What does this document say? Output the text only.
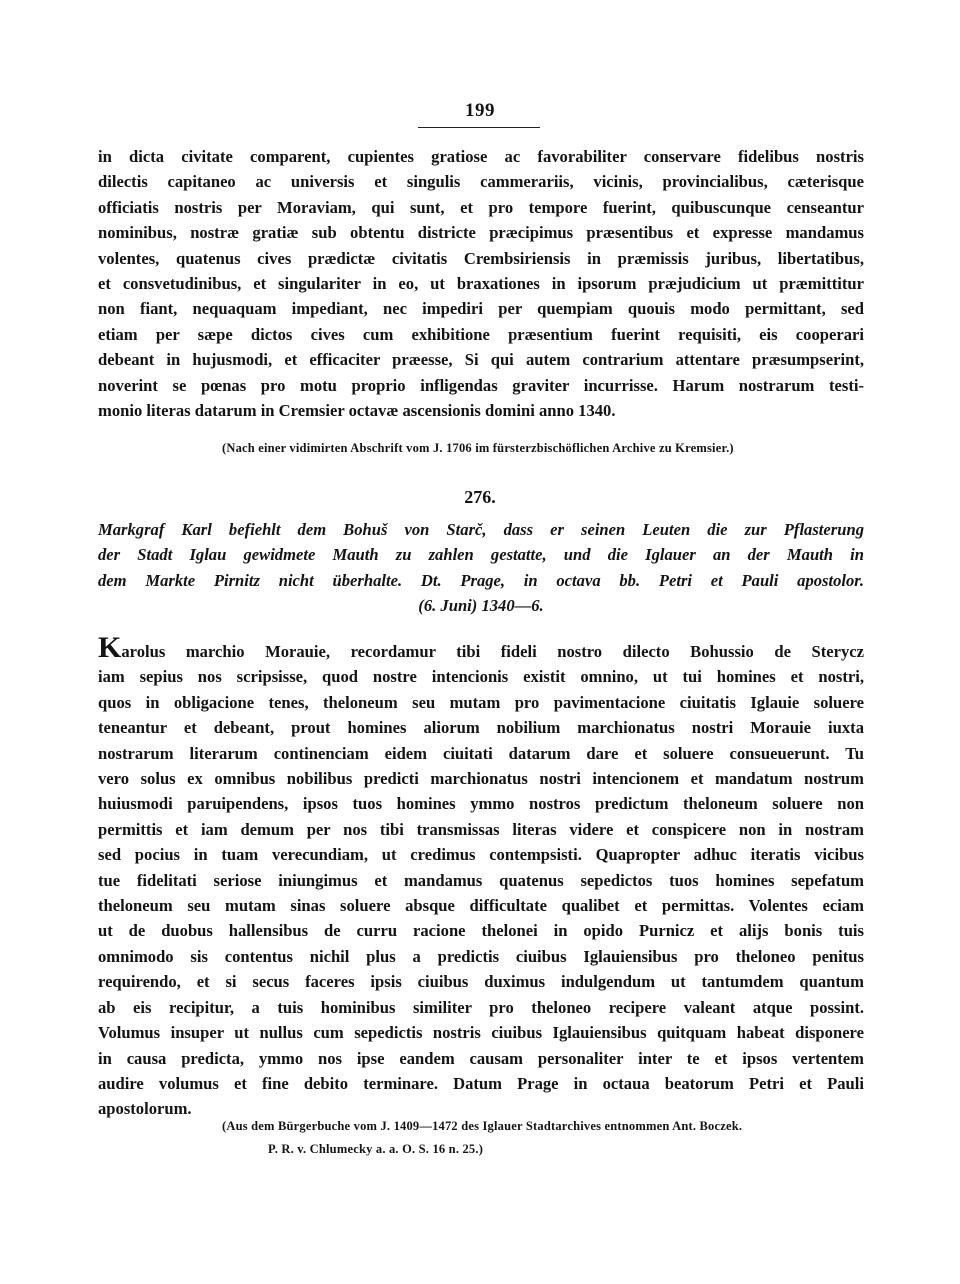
199
in dicta civitate comparent, cupientes gratiose ac favorabiliter conservare fidelibus nostris
dilectis capitaneo ac universis et singulis cammerariis, vicinis, provincialibus, cæterisque
officiatis nostris per Moraviam, qui sunt, et pro tempore fuerint, quibuscunque censeantur
nominibus, nostræ gratiæ sub obtentu districte præcipimus præsentibus et expresse mandamus
volentes, quatenus cives prædictæ civitatis Crembsiriensis in præmissis juribus, libertatibus,
et consvetudinibus, et singulariter in eo, ut braxationes in ipsorum præjudicium ut præmittitur
non fiant, nequaquam impediant, nec impediri per quempiam quouis modo permittant, sed
etiam per sæpe dictos cives cum exhibitione præsentium fuerint requisiti, eis cooperari
debeant in hujusmodi, et efficaciter præesse, Si qui autem contrarium attentare præsumpserint,
noverint se pœnas pro motu proprio infligendas graviter incurrisse. Harum nostrarum testi-
monio literas datarum in Cremsier octavæ ascensionis domini anno 1340.
(Nach einer vidimirten Abschrift vom J. 1706 im fürsterzbischöflichen Archive zu Kremsier.)
276.
Markgraf Karl befiehlt dem Bohuš von Starč, dass er seinen Leuten die zur Pflasterung
der Stadt Iglau gewidmete Mauth zu zahlen gestatte, und die Iglauer an der Mauth in
dem Markte Pirnitz nicht überhalte. Dt. Prage, in octava bb. Petri et Pauli apostolor.
(6. Juni) 1340—6.
Karolus marchio Morauie, recordamur tibi fideli nostro dilecto Bohussio de Sterycz
iam sepius nos scripsisse, quod nostre intencionis existit omnino, ut tui homines et nostri,
quos in obligacione tenes, theloneum seu mutam pro pavimentacione ciuitatis Iglauie soluere
teneantur et debeant, prout homines aliorum nobilium marchionatus nostri Morauie iuxta
nostrarum literarum continenciam eidem ciuitati datarum dare et soluere consueuerunt. Tu
vero solus ex omnibus nobilibus predicti marchionatus nostri intencionem et mandatum nostrum
huiusmodi paruipendens, ipsos tuos homines ymmo nostros predictum theloneum soluere non
permittis et iam demum per nos tibi transmissas literas videre et conspicere non in nostram
sed pocius in tuam verecundiam, ut credimus contempsisti. Quapropter adhuc iteratis vicibus
tue fidelitati seriose iniungimus et mandamus quatenus sepedictos tuos homines sepefatum
theloneum seu mutam sinas soluere absque difficultate qualibet et permittas. Volentes eciam
ut de duobus hallensibus de curru racione thelonei in opido Purnicz et alijs bonis tuis
omnimodo sis contentus nichil plus a predictis ciuibus Iglauiensibus pro theloneo penitus
requirendo, et si secus faceres ipsis ciuibus duximus indulgendum ut tantumdem quantum
ab eis recipitur, a tuis hominibus similiter pro theloneo recipere valeant atque possint.
Volumus insuper ut nullus cum sepedictis nostris ciuibus Iglauiensibus quitquam habeat disponere
in causa predicta, ymmo nos ipse eandem causam personaliter inter te et ipsos vertentem
audire volumus et fine debito terminare. Datum Prage in octaua beatorum Petri et Pauli
apostolorum.
(Aus dem Bürgerbuche vom J. 1409—1472 des Iglauer Stadtarchives entnommen Ant. Boczek.
P. R. v. Chlumecky a. a. O. S. 16 n. 25.)
